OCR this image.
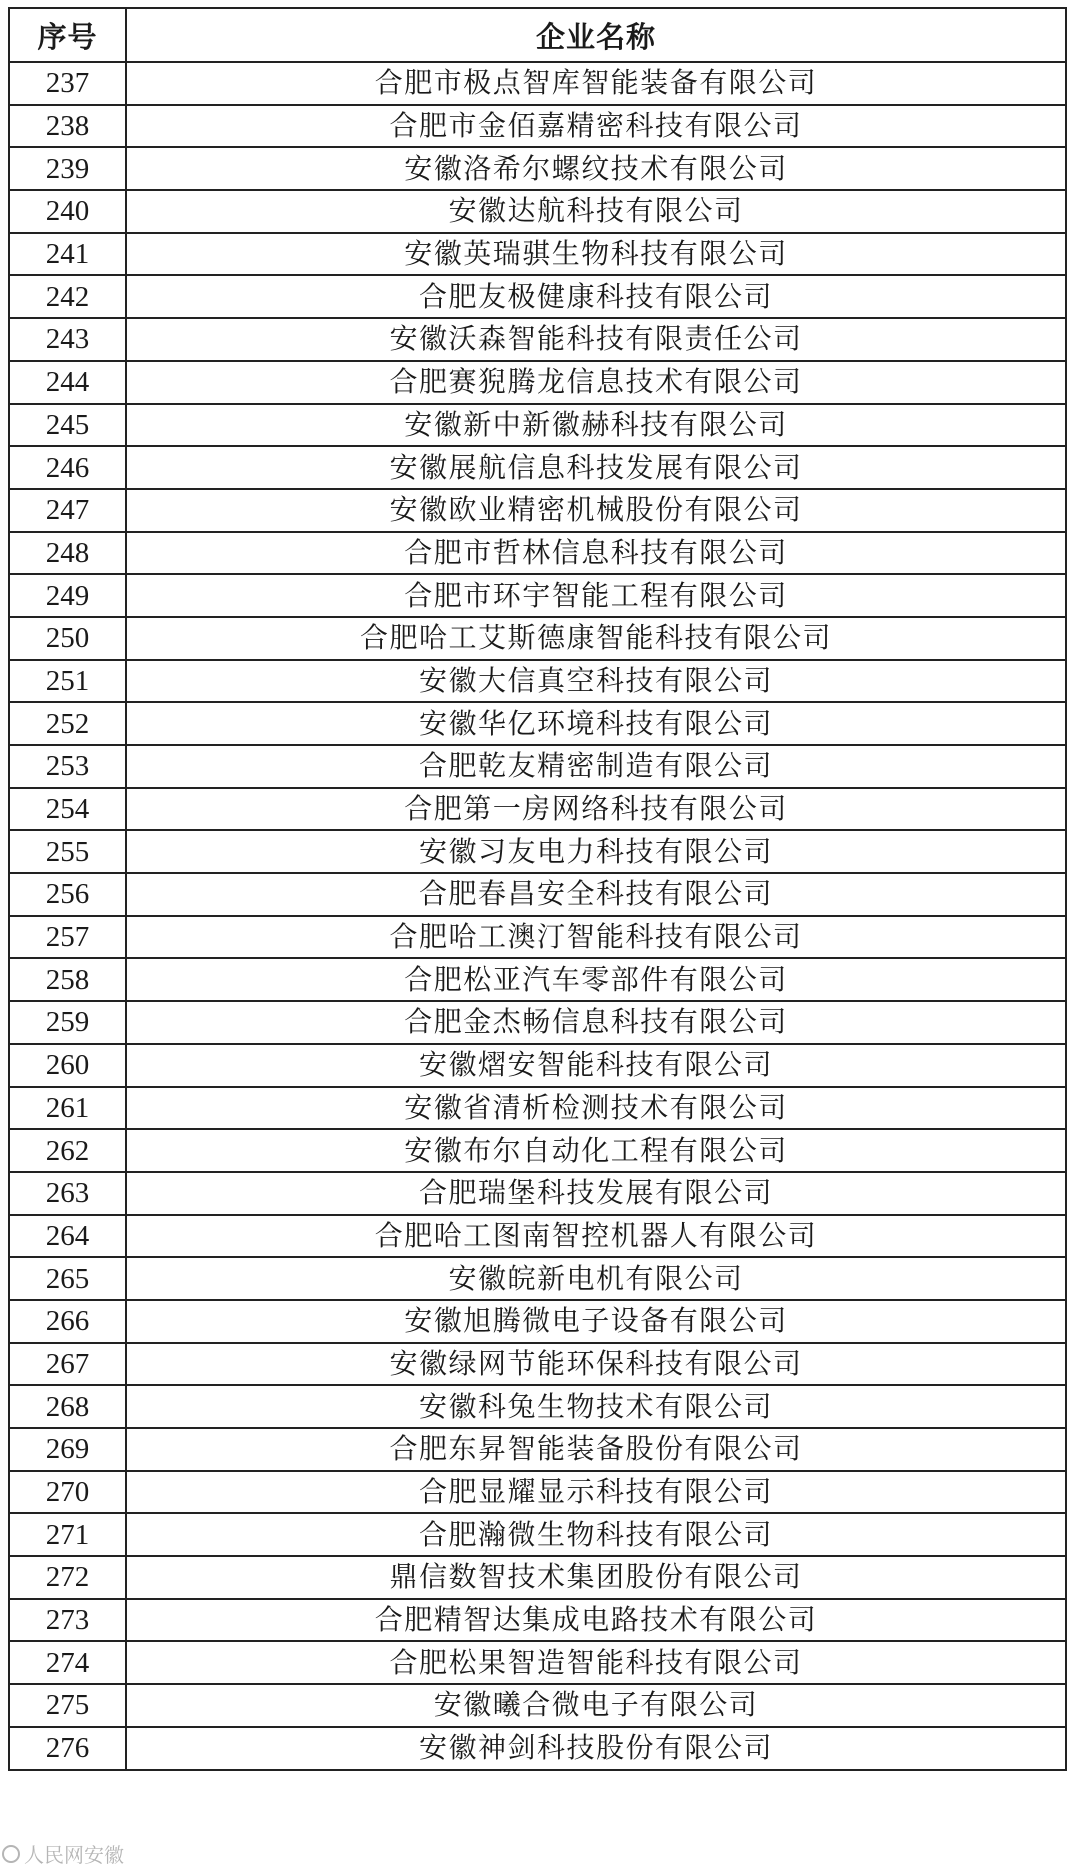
序号	企业名称
237	合肥市极点智库智能装备有限公司
238	合肥市金佰嘉精密科技有限公司
239	安徽洛希尔螺纹技术有限公司
240	安徽达航科技有限公司
241	安徽英瑞骐生物科技有限公司
242	合肥友极健康科技有限公司
243	安徽沃森智能科技有限责任公司
244	合肥赛猊腾龙信息技术有限公司
245	安徽新中新徽赫科技有限公司
246	安徽展航信息科技发展有限公司
247	安徽欧业精密机械股份有限公司
248	合肥市哲林信息科技有限公司
249	合肥市环宇智能工程有限公司
250	合肥哈工艾斯德康智能科技有限公司
251	安徽大信真空科技有限公司
252	安徽华亿环境科技有限公司
253	合肥乾友精密制造有限公司
254	合肥第一房网络科技有限公司
255	安徽习友电力科技有限公司
256	合肥春昌安全科技有限公司
257	合肥哈工澳汀智能科技有限公司
258	合肥松亚汽车零部件有限公司
259	合肥金杰畅信息科技有限公司
260	安徽熠安智能科技有限公司
261	安徽省清析检测技术有限公司
262	安徽布尔自动化工程有限公司
263	合肥瑞堡科技发展有限公司
264	合肥哈工图南智控机器人有限公司
265	安徽皖新电机有限公司
266	安徽旭腾微电子设备有限公司
267	安徽绿网节能环保科技有限公司
268	安徽科兔生物技术有限公司
269	合肥东昇智能装备股份有限公司
270	合肥显耀显示科技有限公司
271	合肥瀚微生物科技有限公司
272	鼎信数智技术集团股份有限公司
273	合肥精智达集成电路技术有限公司
274	合肥松果智造智能科技有限公司
275	安徽曦合微电子有限公司
276	安徽神剑科技股份有限公司
人民网安徽
